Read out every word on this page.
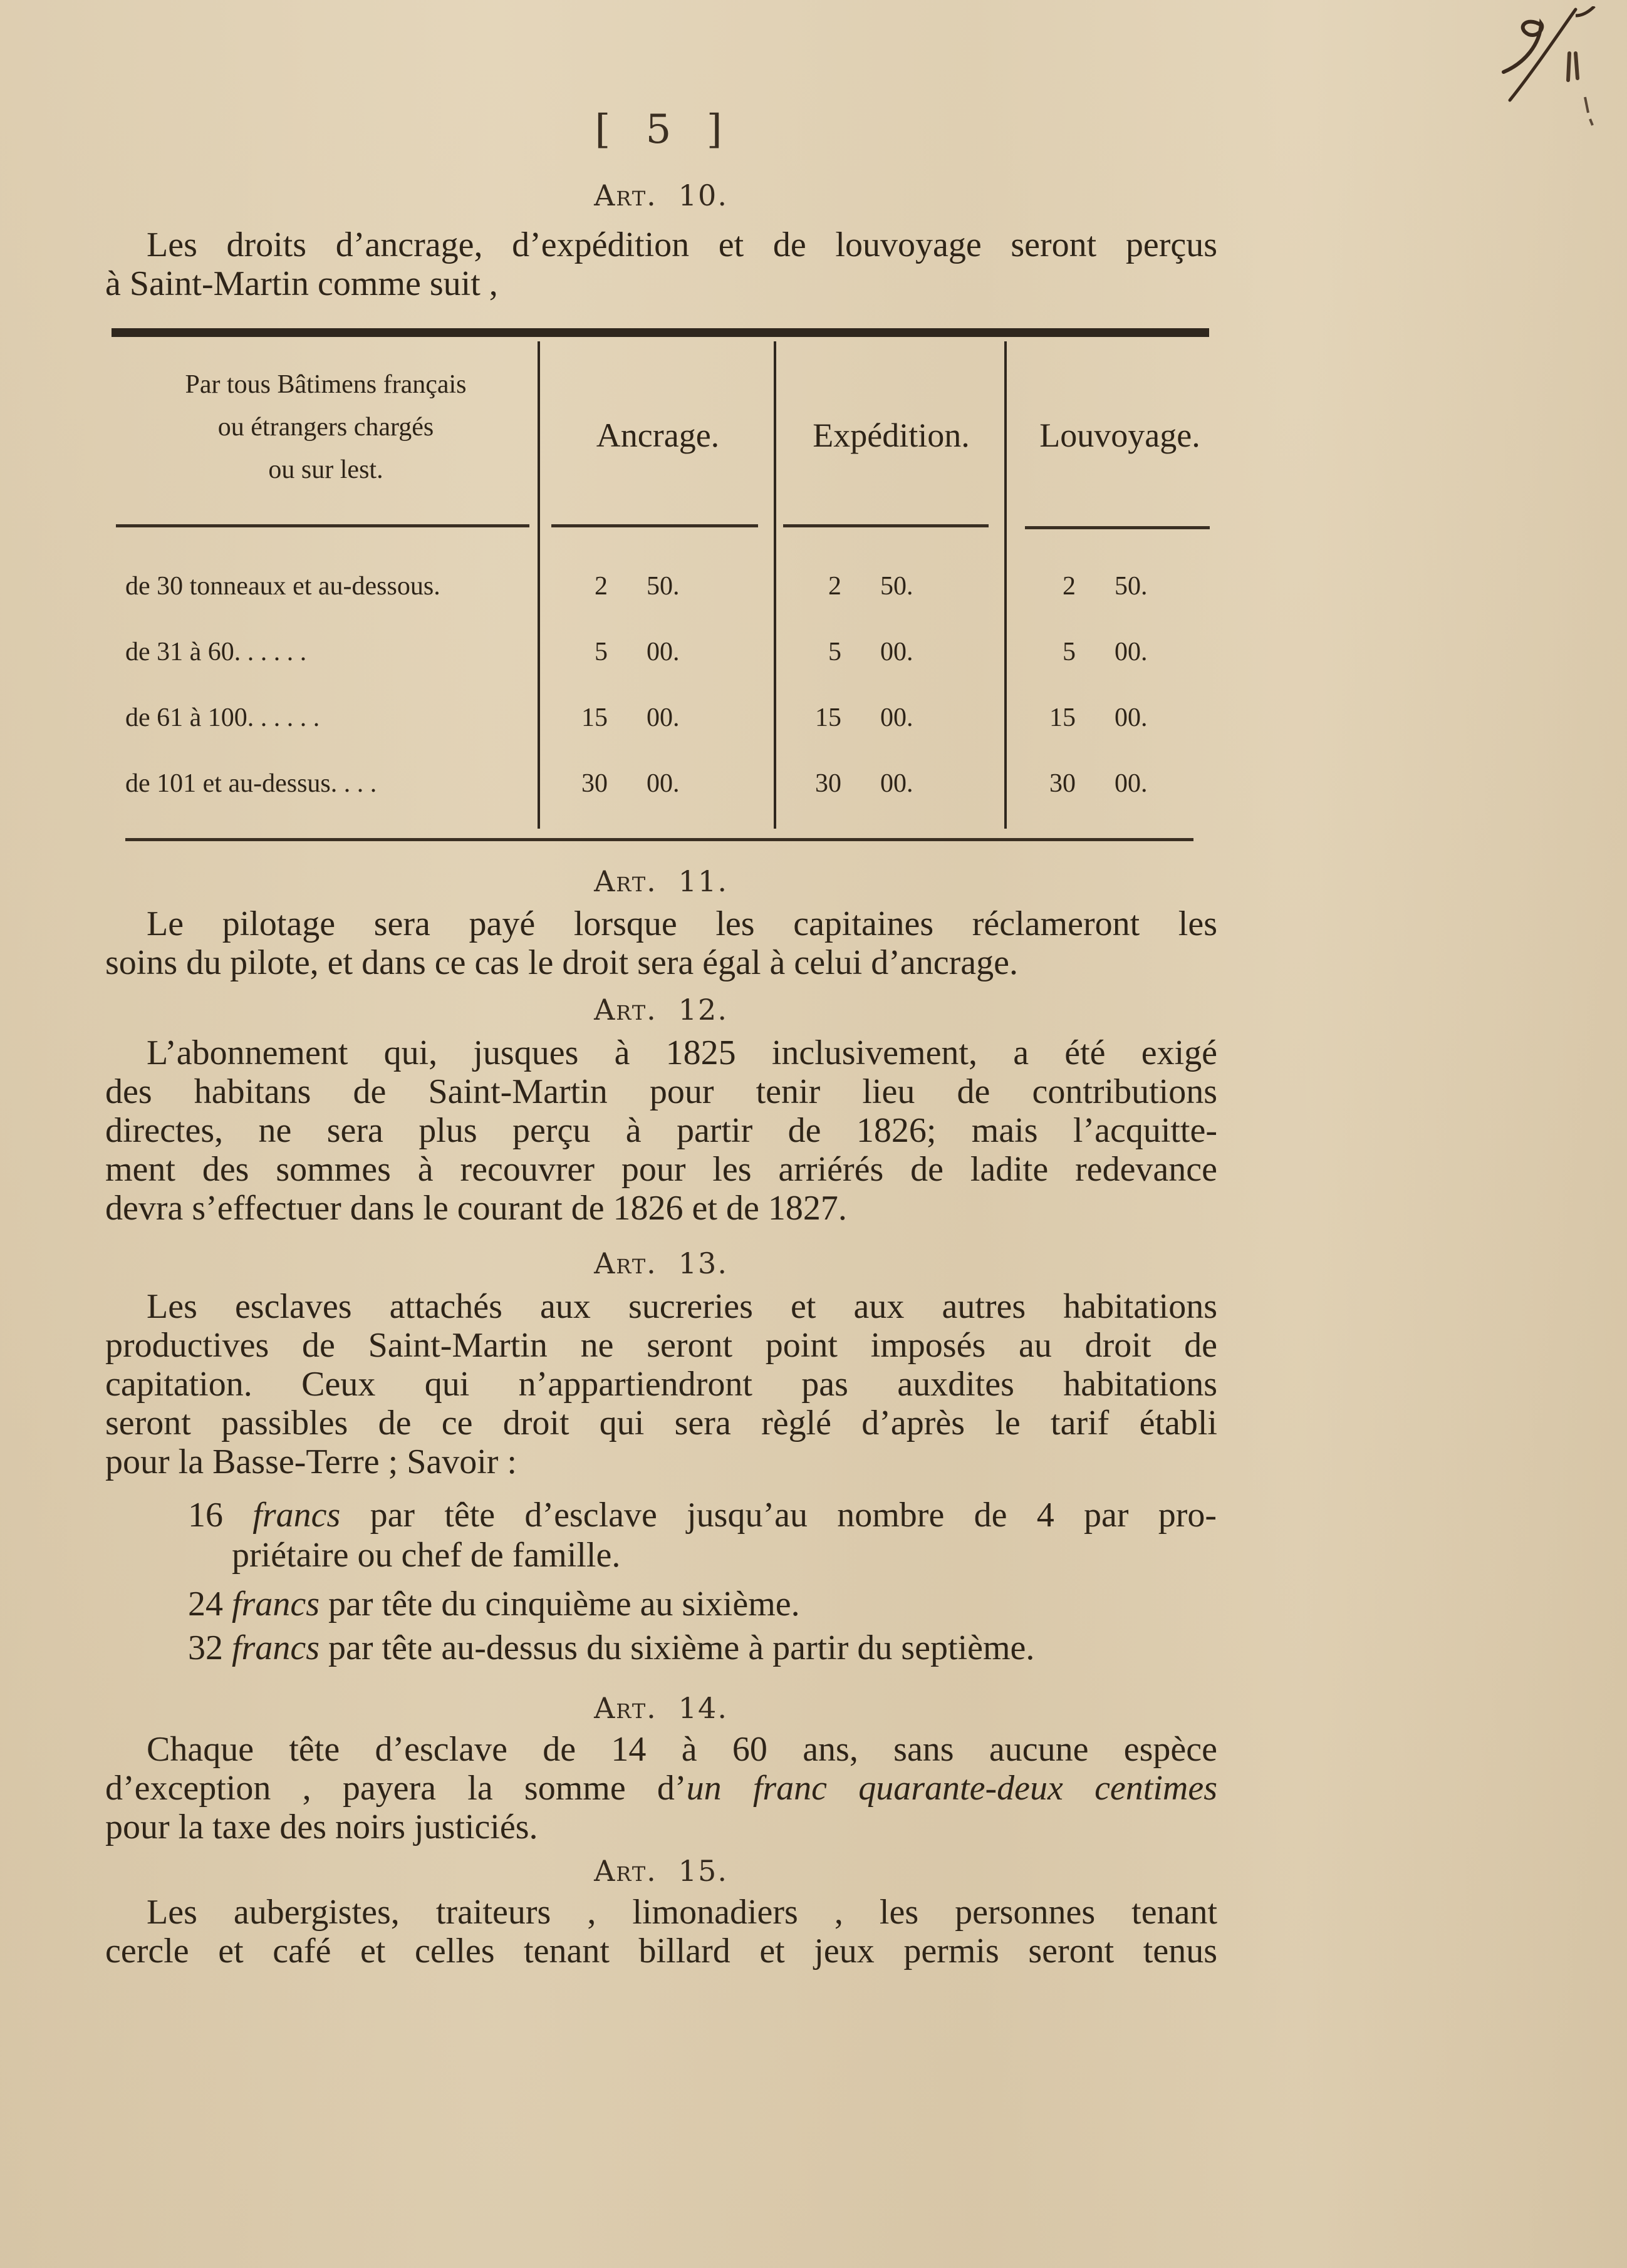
[ 5 ]
Art. 10.
Les droits d’ancrage, d’expédition et de louvoyage seront perçus
à Saint-Martin comme suit ,
Par tous Bâtimens français
ou étrangers chargés
ou sur lest.
Ancrage.	Expédition.	Louvoyage.
de 30 tonneaux et au-dessous.	2 50.	2 50.	2 50.
de 31 à 60. . . . . .	5 00.	5 00.	5 00.
de 61 à 100. . . . . .	15 00.	15 00.	15 00.
de 101 et au-dessus. . . .	30 00.	30 00.	30 00.
Art. 11.
Le pilotage sera payé lorsque les capitaines réclameront les
soins du pilote, et dans ce cas le droit sera égal à celui d’ancrage.
Art. 12.
L’abonnement qui, jusques à 1825 inclusivement, a été exigé
des habitans de Saint-Martin pour tenir lieu de contributions
directes, ne sera plus perçu à partir de 1826; mais l’acquitte-
ment des sommes à recouvrer pour les arriérés de ladite redevance
devra s’effectuer dans le courant de 1826 et de 1827.
Art. 13.
Les esclaves attachés aux sucreries et aux autres habitations
productives de Saint-Martin ne seront point imposés au droit de
capitation. Ceux qui n’appartiendront pas auxdites habitations
seront passibles de ce droit qui sera règlé d’après le tarif établi
pour la Basse-Terre ; Savoir :
16 francs par tête d’esclave jusqu’au nombre de 4 par pro-
priétaire ou chef de famille.
24 francs par tête du cinquième au sixième.
32 francs par tête au-dessus du sixième à partir du septième.
Art. 14.
Chaque tête d’esclave de 14 à 60 ans, sans aucune espèce
d’exception , payera la somme d’un franc quarante-deux centimes
pour la taxe des noirs justiciés.
Art. 15.
Les aubergistes, traiteurs , limonadiers , les personnes tenant
cercle et café et celles tenant billard et jeux permis seront tenus
